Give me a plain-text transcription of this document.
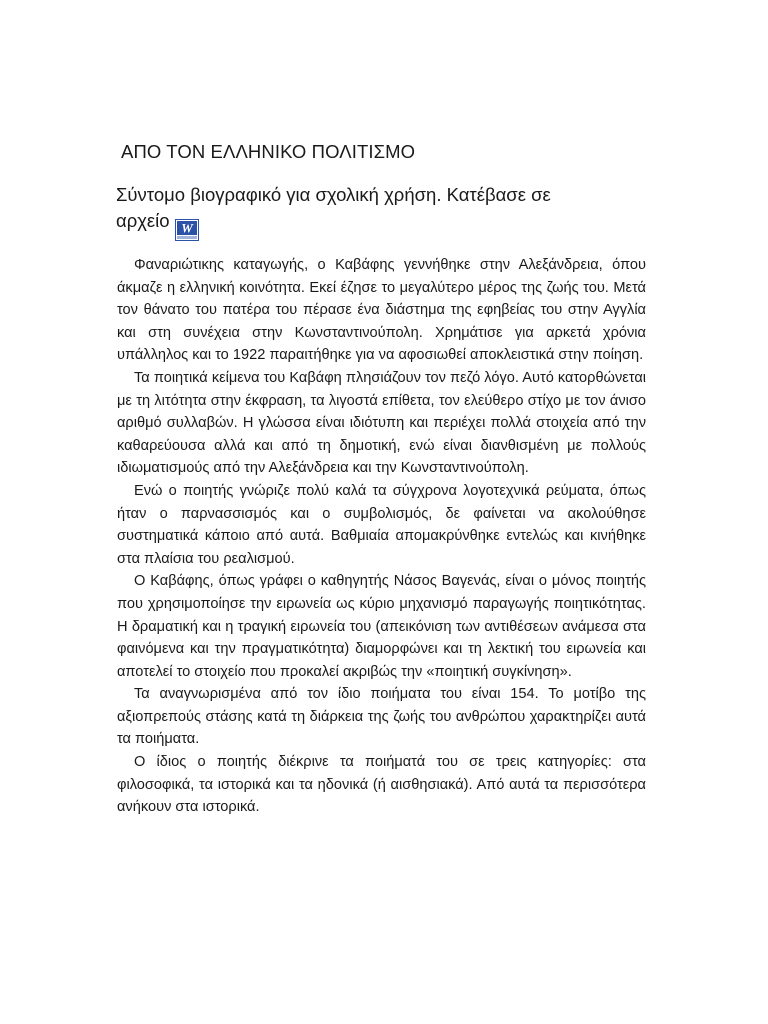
ΑΠΟ ΤΟΝ ΕΛΛΗΝΙΚΟ ΠΟΛΙΤΙΣΜΟ
Σύντομο βιογραφικό για σχολική χρήση. Κατέβασε σε
αρχείο W

Φαναριώτικης καταγωγής, ο Καβάφης γεννήθηκε στην Αλεξάνδρεια, όπου άκμαζε η ελληνική κοινότητα. Εκεί έζησε το μεγαλύτερο μέρος της ζωής του. Μετά τον θάνατο του πατέρα του πέρασε ένα διάστημα της εφηβείας του στην Αγγλία και στη συνέχεια στην Κωνσταντινούπολη. Χρημάτισε για αρκετά χρόνια υπάλληλος και το 1922 παραιτήθηκε για να αφοσιωθεί αποκλειστικά στην ποίηση.

Τα ποιητικά κείμενα του Καβάφη πλησιάζουν τον πεζό λόγο. Αυτό κατορθώνεται με τη λιτότητα στην έκφραση, τα λιγοστά επίθετα, τον ελεύθερο στίχο με τον άνισο αριθμό συλλαβών. Η γλώσσα είναι ιδιότυπη και περιέχει πολλά στοιχεία από την καθαρεύουσα αλλά και από τη δημοτική, ενώ είναι διανθισμένη με πολλούς ιδιωματισμούς από την Αλεξάνδρεια και την Κωνσταντινούπολη.

Ενώ ο ποιητής γνώριζε πολύ καλά τα σύγχρονα λογοτεχνικά ρεύματα, όπως ήταν ο παρνασσισμός και ο συμβολισμός, δε φαίνεται να ακολούθησε συστηματικά κάποιο από αυτά. Βαθμιαία απομακρύνθηκε εντελώς και κινήθηκε στα πλαίσια του ρεαλισμού.

Ο Καβάφης, όπως γράφει ο καθηγητής Νάσος Βαγενάς, είναι ο μόνος ποιητής που χρησιμοποίησε την ειρωνεία ως κύριο μηχανισμό παραγωγής ποιητικότητας. Η δραματική και η τραγική ειρωνεία του (απεικόνιση των αντιθέσεων ανάμεσα στα φαινόμενα και την πραγματικότητα) διαμορφώνει και τη λεκτική του ειρωνεία και αποτελεί το στοιχείο που προκαλεί ακριβώς την «ποιητική συγκίνηση».

Τα αναγνωρισμένα από τον ίδιο ποιήματα του είναι 154. Το μοτίβο της αξιοπρεπούς στάσης κατά τη διάρκεια της ζωής του ανθρώπου χαρακτηρίζει αυτά τα ποιήματα.

Ο ίδιος ο ποιητής διέκρινε τα ποιήματά του σε τρεις κατηγορίες: στα φιλοσοφικά, τα ιστορικά και τα ηδονικά (ή αισθησιακά). Από αυτά τα περισσότερα ανήκουν στα ιστορικά.
